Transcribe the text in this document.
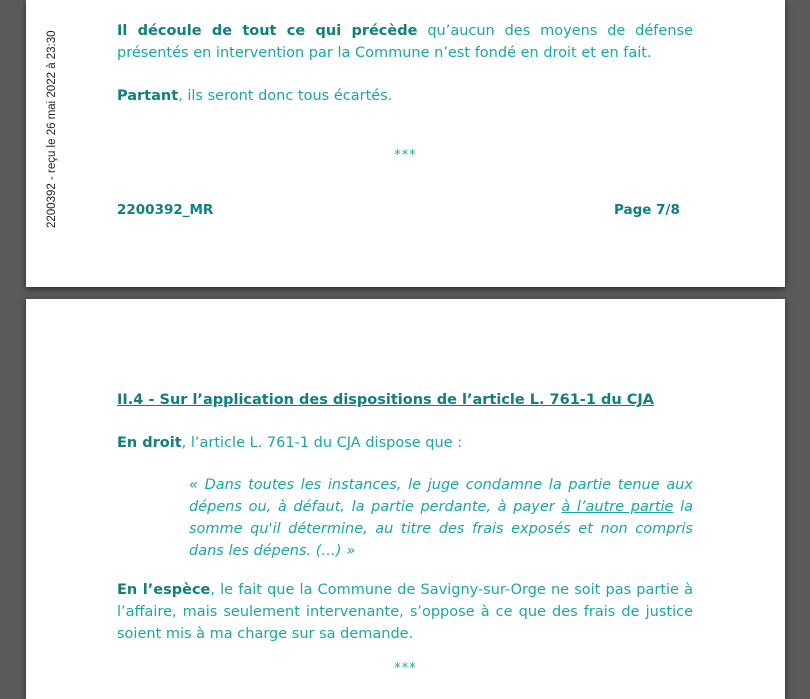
2200392 - reçu le 26 mai 2022 à 23:30	Il découle de tout ce qui précède qu’aucun des moyens de défense présentés en intervention par la Commune n’est fondé en droit et en fait.

Partant, ils seront donc tous écartés.

***
2200392_MR	Page 7/8
II.4 - Sur l’application des dispositions de l’article L. 761-1 du CJA

En droit, l’article L. 761-1 du CJA dispose que :

« Dans toutes les instances, le juge condamne la partie tenue aux dépens ou, à défaut, la partie perdante, à payer à l’autre partie la somme qu'il détermine, au titre des frais exposés et non compris dans les dépens. (…) »

En l’espèce, le fait que la Commune de Savigny-sur-Orge ne soit pas partie à l’affaire, mais seulement intervenante, s’oppose à ce que des frais de justice soient mis à ma charge sur sa demande.

***
